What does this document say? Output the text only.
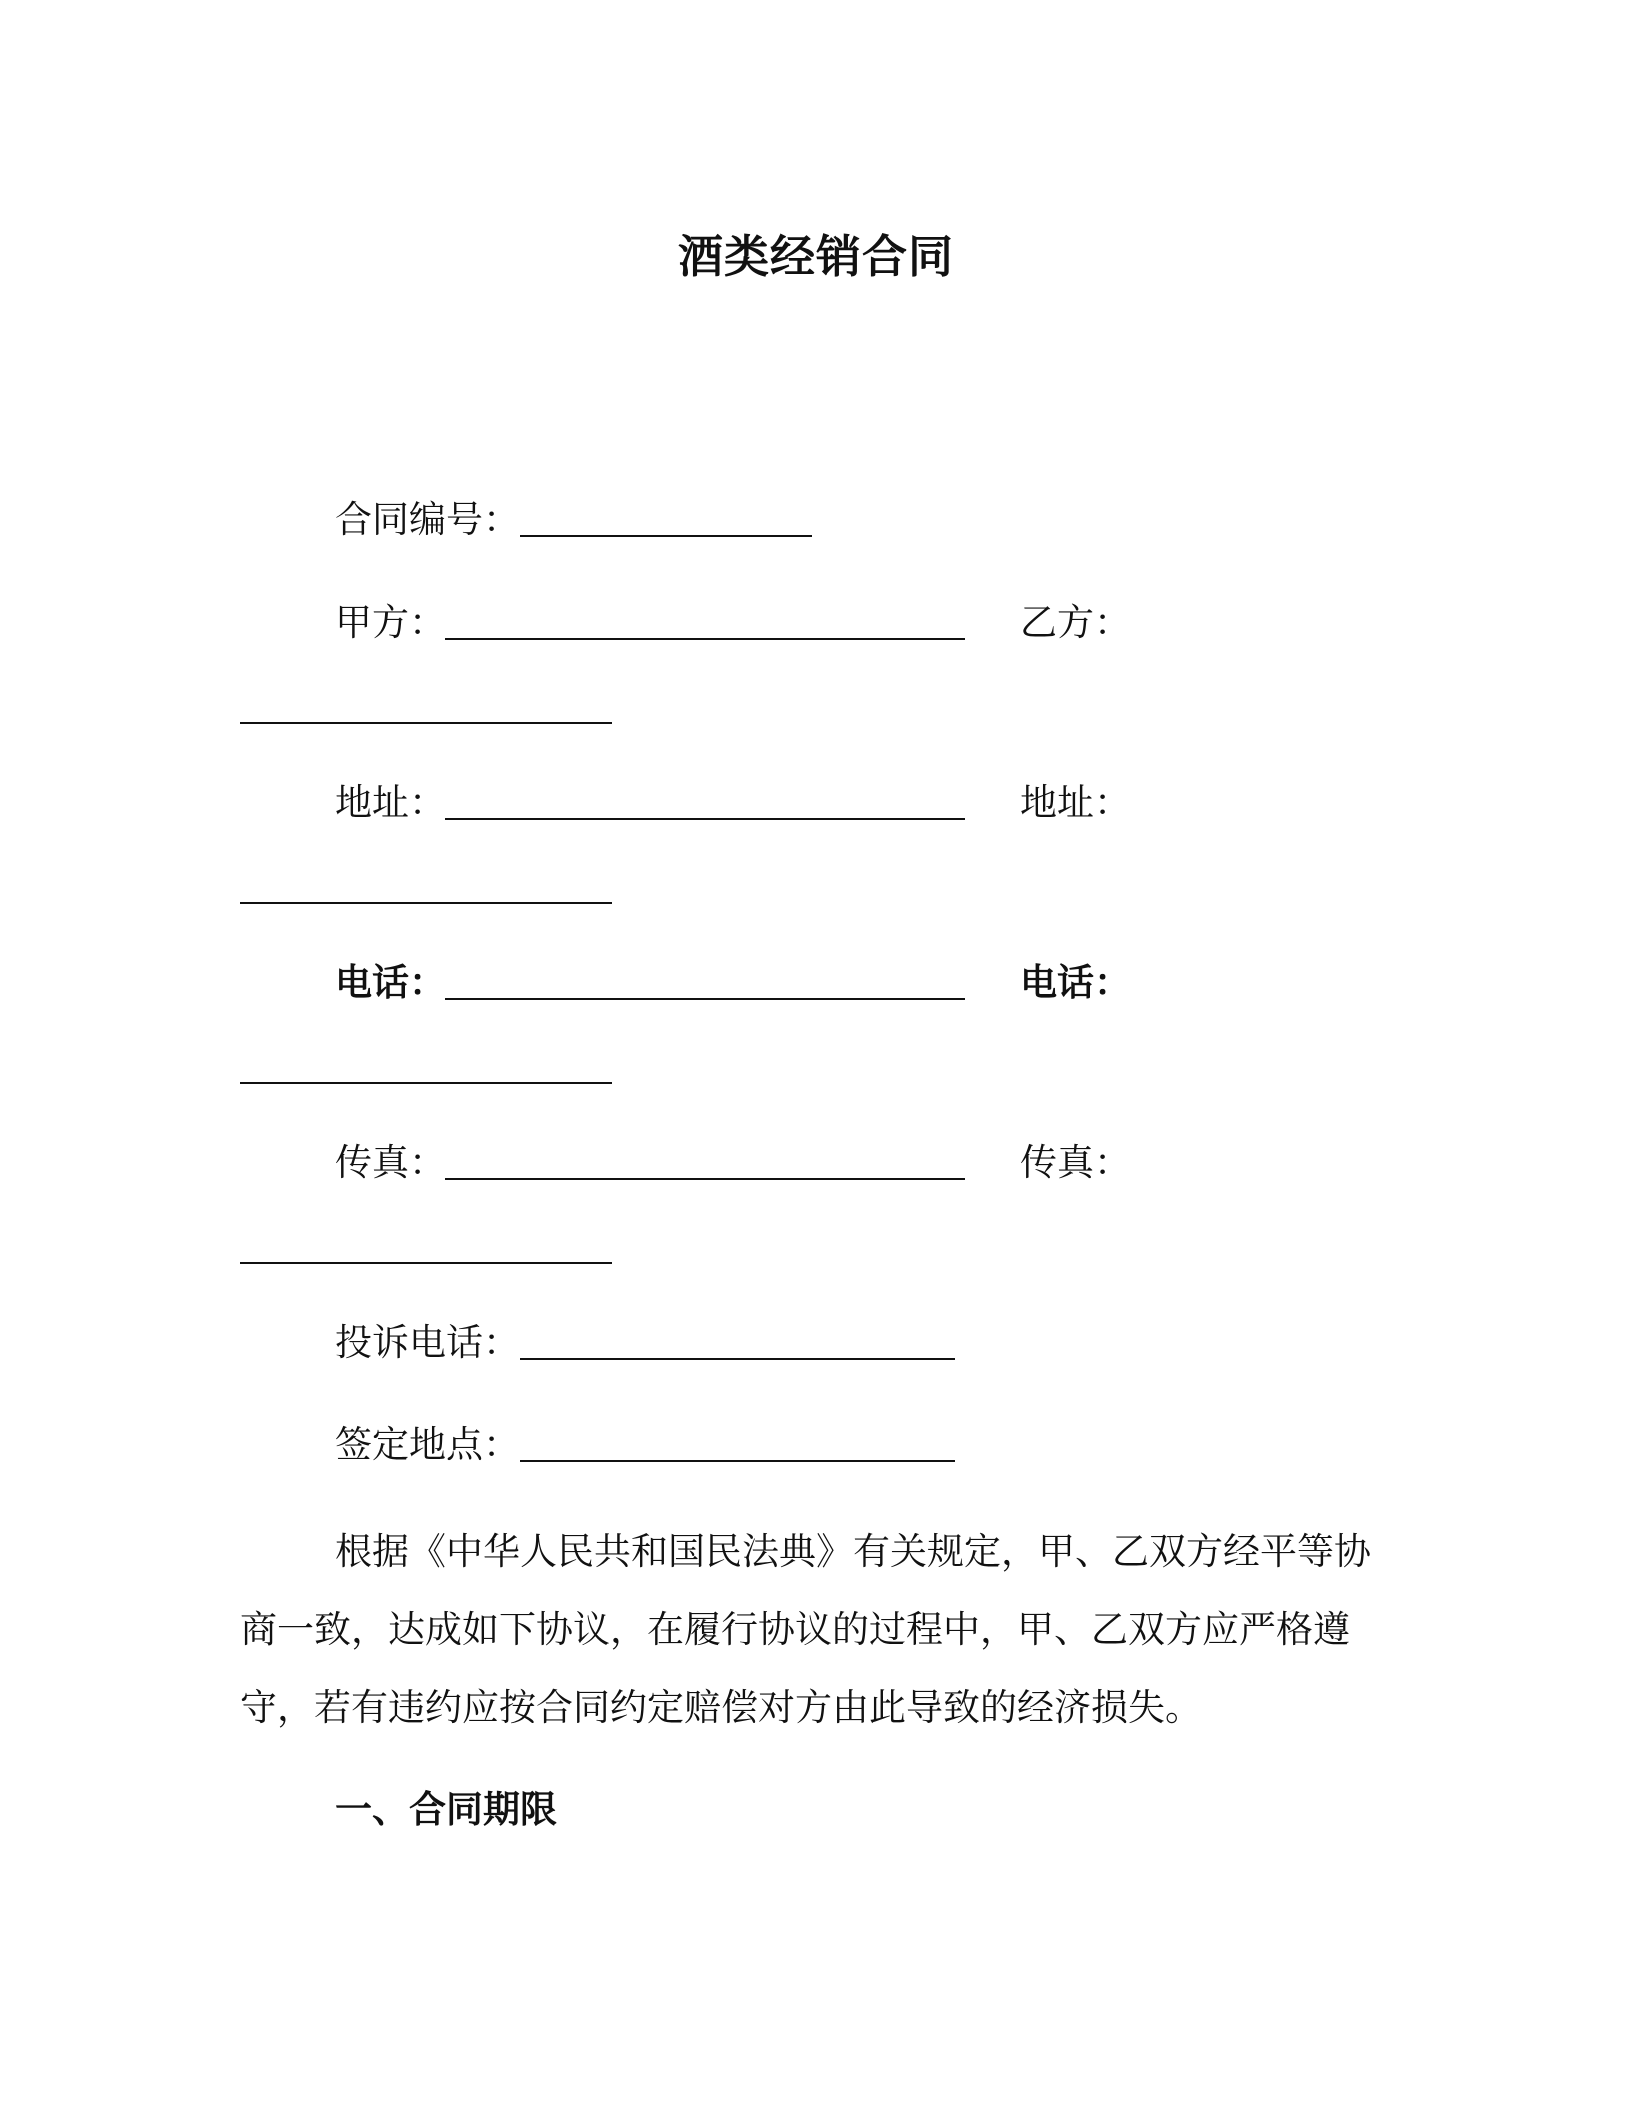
酒类经销合同
合同编号：
甲方：	乙方：
地址：	地址：
电话：	电话：
传真：	传真：
投诉电话：
签定地点：
根据《中华人民共和国民法典》有关规定，甲、乙双方经平等协
商一致，达成如下协议，在履行协议的过程中，甲、乙双方应严格遵
守，若有违约应按合同约定赔偿对方由此导致的经济损失。
一、合同期限
